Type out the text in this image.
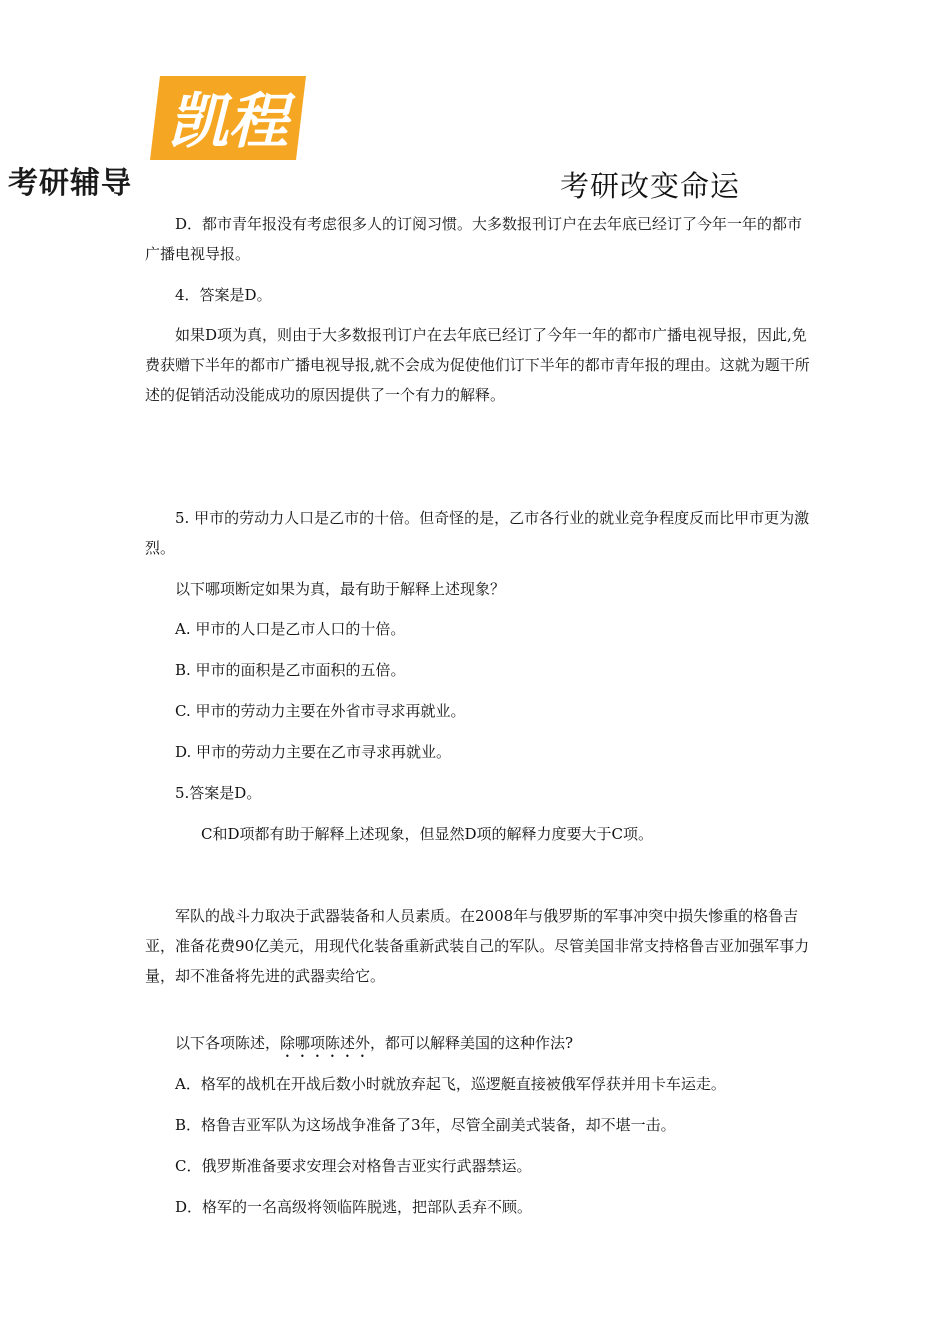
凯程
考研辅导	考研改变命运

D．都市青年报没有考虑很多人的订阅习惯。大多数报刊订户在去年底已经订了今年一年的都市广播电视导报。

4．答案是D。

如果D项为真，则由于大多数报刊订户在去年底已经订了今年一年的都市广播电视导报，因此,免费获赠下半年的都市广播电视导报,就不会成为促使他们订下半年的都市青年报的理由。这就为题干所述的促销活动没能成功的原因提供了一个有力的解释。

5. 甲市的劳动力人口是乙市的十倍。但奇怪的是，乙市各行业的就业竞争程度反而比甲市更为激烈。

以下哪项断定如果为真，最有助于解释上述现象？

A. 甲市的人口是乙市人口的十倍。

B. 甲市的面积是乙市面积的五倍。

C. 甲市的劳动力主要在外省市寻求再就业。

D. 甲市的劳动力主要在乙市寻求再就业。

5.答案是D。

C和D项都有助于解释上述现象，但显然D项的解释力度要大于C项。

军队的战斗力取决于武器装备和人员素质。在2008年与俄罗斯的军事冲突中损失惨重的格鲁吉亚，准备花费90亿美元，用现代化装备重新武装自己的军队。尽管美国非常支持格鲁吉亚加强军事力量，却不准备将先进的武器卖给它。

以下各项陈述，除哪项陈述外，都可以解释美国的这种作法?

A．格军的战机在开战后数小时就放弃起飞，巡逻艇直接被俄军俘获并用卡车运走。

B．格鲁吉亚军队为这场战争准备了3年，尽管全副美式装备，却不堪一击。

C．俄罗斯准备要求安理会对格鲁吉亚实行武器禁运。

D．格军的一名高级将领临阵脱逃，把部队丢弃不顾。
